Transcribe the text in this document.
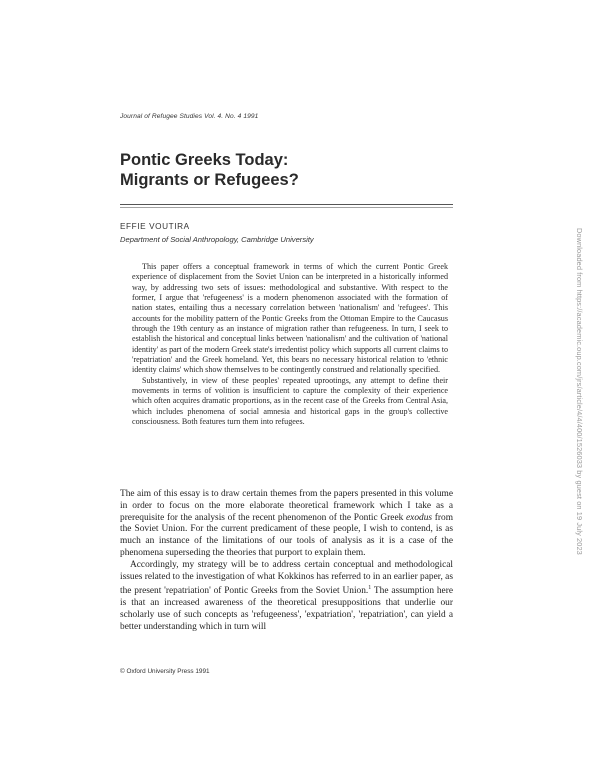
Journal of Refugee Studies Vol. 4. No. 4 1991
Pontic Greeks Today:
Migrants or Refugees?
EFFIE VOUTIRA
Department of Social Anthropology, Cambridge University

This paper offers a conceptual framework in terms of which the current Pontic Greek experience of displacement from the Soviet Union can be interpreted in a historically informed way, by addressing two sets of issues: methodological and substantive. With respect to the former, I argue that 'refugeeness' is a modern phenomenon associated with the formation of nation states, entailing thus a necessary correlation between 'nationalism' and 'refugees'. This accounts for the mobility pattern of the Pontic Greeks from the Ottoman Empire to the Caucasus through the 19th century as an instance of migration rather than refugeeness. In turn, I seek to establish the historical and conceptual links between 'nationalism' and the cultivation of 'national identity' as part of the modern Greek state's irredentist policy which supports all current claims to 'repatriation' and the Greek homeland. Yet, this bears no necessary historical relation to 'ethnic identity claims' which show themselves to be contingently construed and relationally specified.

Substantively, in view of these peoples' repeated uprootings, any attempt to define their movements in terms of volition is insufficient to capture the complexity of their experience which often acquires dramatic proportions, as in the recent case of the Greeks from Central Asia, which includes phenomena of social amnesia and historical gaps in the group's collective consciousness. Both features turn them into refugees.

The aim of this essay is to draw certain themes from the papers presented in this volume in order to focus on the more elaborate theoretical framework which I take as a prerequisite for the analysis of the recent phenomenon of the Pontic Greek exodus from the Soviet Union. For the current predicament of these people, I wish to contend, is as much an instance of the limitations of our tools of analysis as it is a case of the phenomena superseding the theories that purport to explain them.

Accordingly, my strategy will be to address certain conceptual and methodological issues related to the investigation of what Kokkinos has referred to in an earlier paper, as the present 'repatriation' of Pontic Greeks from the Soviet Union.$^1$ The assumption here is that an increased awareness of the theoretical presuppositions that underlie our scholarly use of such concepts as 'refugeeness', 'expatriation', 'repatriation', can yield a better understanding which in turn will

© Oxford University Press 1991
Downloaded from https://academic.oup.com/jrs/article/4/4/400/1526033 by guest on 19 July 2023
